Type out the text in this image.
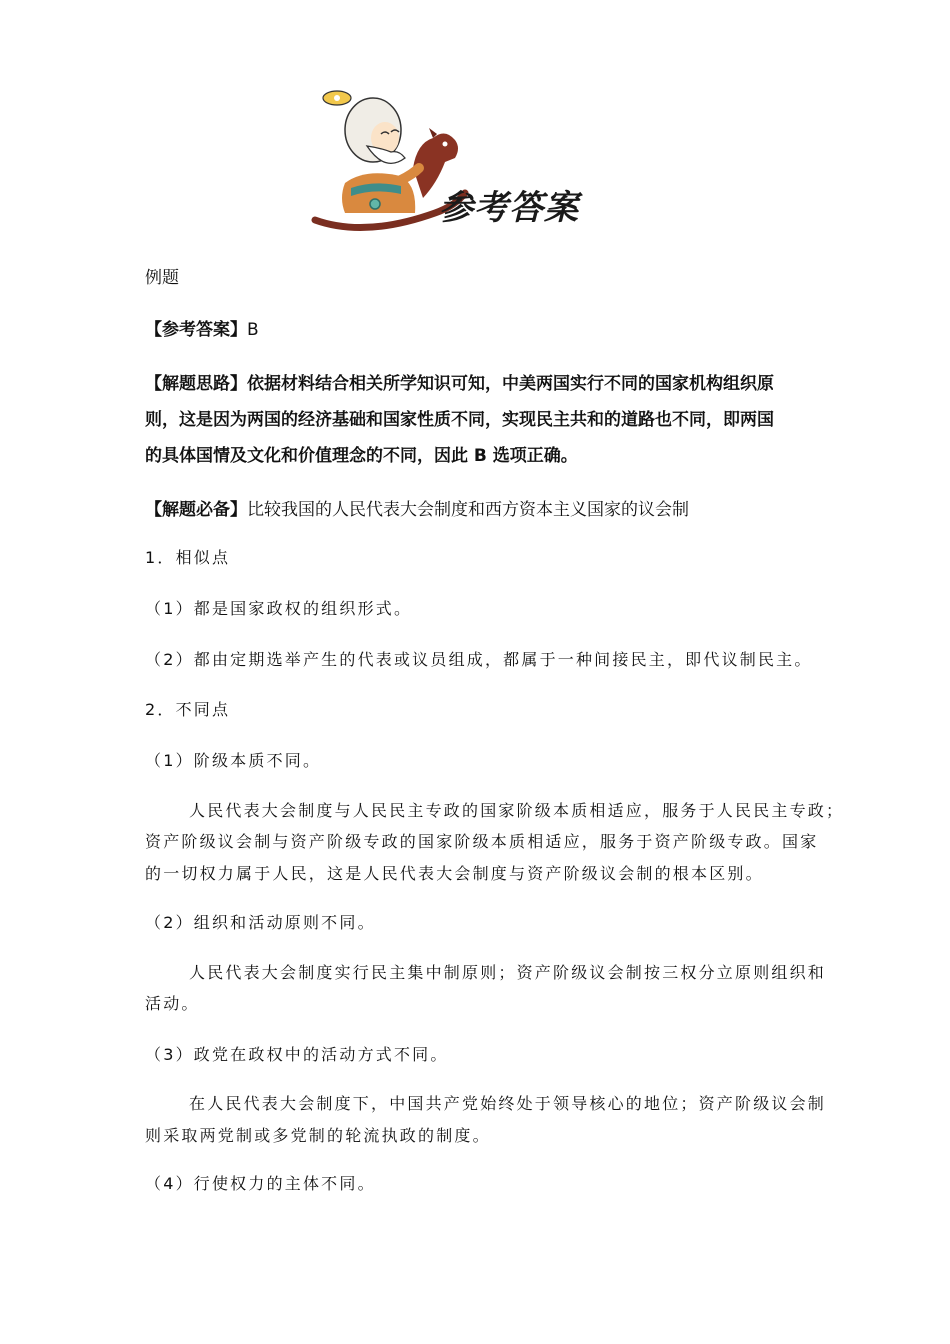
参考答案
例题
【参考答案】B
【解题思路】依据材料结合相关所学知识可知，中美两国实行不同的国家机构组织原
则，这是因为两国的经济基础和国家性质不同，实现民主共和的道路也不同，即两国
的具体国情及文化和价值理念的不同，因此 B 选项正确。
【解题必备】比较我国的人民代表大会制度和西方资本主义国家的议会制
1．相似点
（1）都是国家政权的组织形式。
（2）都由定期选举产生的代表或议员组成，都属于一种间接民主，即代议制民主。
2．不同点
（1）阶级本质不同。
人民代表大会制度与人民民主专政的国家阶级本质相适应，服务于人民民主专政；
资产阶级议会制与资产阶级专政的国家阶级本质相适应，服务于资产阶级专政。国家
的一切权力属于人民，这是人民代表大会制度与资产阶级议会制的根本区别。
（2）组织和活动原则不同。
人民代表大会制度实行民主集中制原则；资产阶级议会制按三权分立原则组织和
活动。
（3）政党在政权中的活动方式不同。
在人民代表大会制度下，中国共产党始终处于领导核心的地位；资产阶级议会制
则采取两党制或多党制的轮流执政的制度。
（4）行使权力的主体不同。
